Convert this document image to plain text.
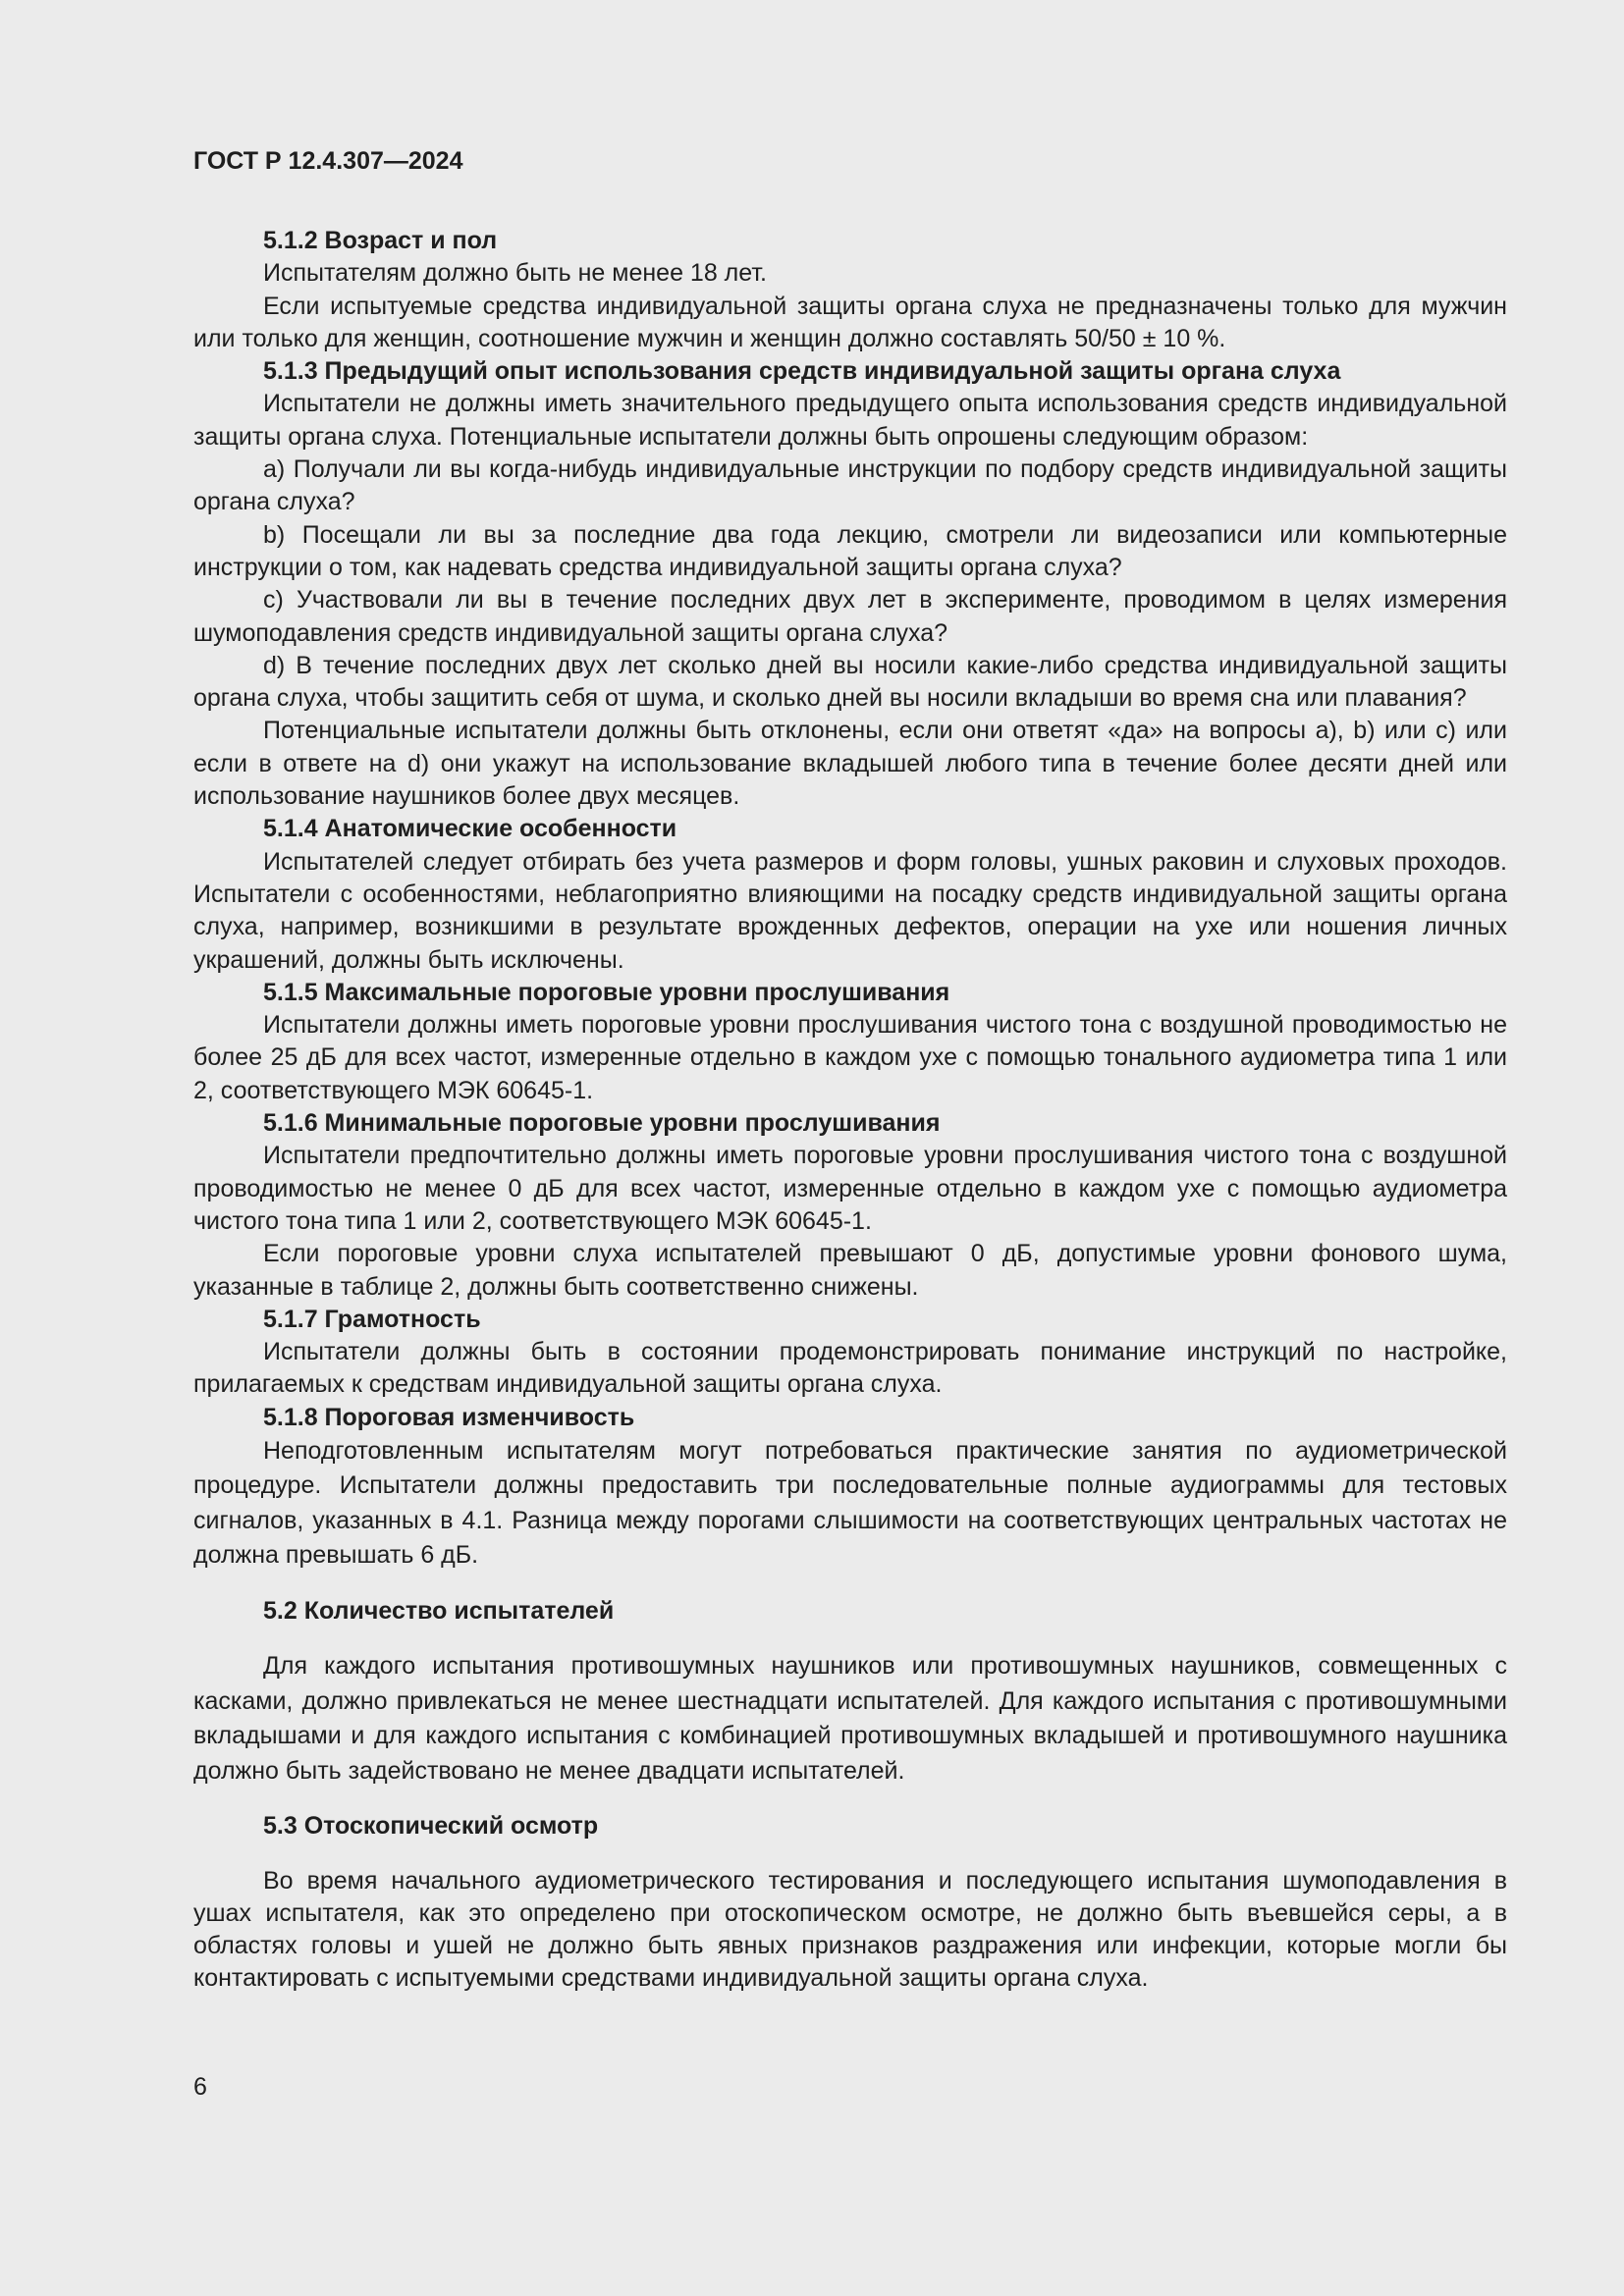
ГОСТ Р 12.4.307—2024

5.1.2 Возраст и пол

Испытателям должно быть не менее 18 лет.

Если испытуемые средства индивидуальной защиты органа слуха не предназначены только для мужчин или только для женщин, соотношение мужчин и женщин должно составлять 50/50 ± 10 %.

5.1.3 Предыдущий опыт использования средств индивидуальной защиты органа слуха

Испытатели не должны иметь значительного предыдущего опыта использования средств индивидуальной защиты органа слуха. Потенциальные испытатели должны быть опрошены следующим образом:

a) Получали ли вы когда-нибудь индивидуальные инструкции по подбору средств индивидуальной защиты органа слуха?

b) Посещали ли вы за последние два года лекцию, смотрели ли видеозаписи или компьютерные инструкции о том, как надевать средства индивидуальной защиты органа слуха?

c) Участвовали ли вы в течение последних двух лет в эксперименте, проводимом в целях измерения шумоподавления средств индивидуальной защиты органа слуха?

d) В течение последних двух лет сколько дней вы носили какие-либо средства индивидуальной защиты органа слуха, чтобы защитить себя от шума, и сколько дней вы носили вкладыши во время сна или плавания?

Потенциальные испытатели должны быть отклонены, если они ответят «да» на вопросы a), b) или c) или если в ответе на d) они укажут на использование вкладышей любого типа в течение более десяти дней или использование наушников более двух месяцев.

5.1.4 Анатомические особенности

Испытателей следует отбирать без учета размеров и форм головы, ушных раковин и слуховых проходов. Испытатели с особенностями, неблагоприятно влияющими на посадку средств индивидуальной защиты органа слуха, например, возникшими в результате врожденных дефектов, операции на ухе или ношения личных украшений, должны быть исключены.

5.1.5 Максимальные пороговые уровни прослушивания

Испытатели должны иметь пороговые уровни прослушивания чистого тона с воздушной проводимостью не более 25 дБ для всех частот, измеренные отдельно в каждом ухе с помощью тонального аудиометра типа 1 или 2, соответствующего МЭК 60645-1.

5.1.6 Минимальные пороговые уровни прослушивания

Испытатели предпочтительно должны иметь пороговые уровни прослушивания чистого тона с воздушной проводимостью не менее 0 дБ для всех частот, измеренные отдельно в каждом ухе с помощью аудиометра чистого тона типа 1 или 2, соответствующего МЭК 60645-1.

Если пороговые уровни слуха испытателей превышают 0 дБ, допустимые уровни фонового шума, указанные в таблице 2, должны быть соответственно снижены.

5.1.7 Грамотность

Испытатели должны быть в состоянии продемонстрировать понимание инструкций по настройке, прилагаемых к средствам индивидуальной защиты органа слуха.

5.1.8 Пороговая изменчивость

Неподготовленным испытателям могут потребоваться практические занятия по аудиометрической процедуре. Испытатели должны предоставить три последовательные полные аудиограммы для тестовых сигналов, указанных в 4.1. Разница между порогами слышимости на соответствующих центральных частотах не должна превышать 6 дБ.

5.2 Количество испытателей

Для каждого испытания противошумных наушников или противошумных наушников, совмещенных с касками, должно привлекаться не менее шестнадцати испытателей. Для каждого испытания с противошумными вкладышами и для каждого испытания с комбинацией противошумных вкладышей и противошумного наушника должно быть задействовано не менее двадцати испытателей.

5.3 Отоскопический осмотр

Во время начального аудиометрического тестирования и последующего испытания шумоподавления в ушах испытателя, как это определено при отоскопическом осмотре, не должно быть въевшейся серы, а в областях головы и ушей не должно быть явных признаков раздражения или инфекции, которые могли бы контактировать с испытуемыми средствами индивидуальной защиты органа слуха.

6
